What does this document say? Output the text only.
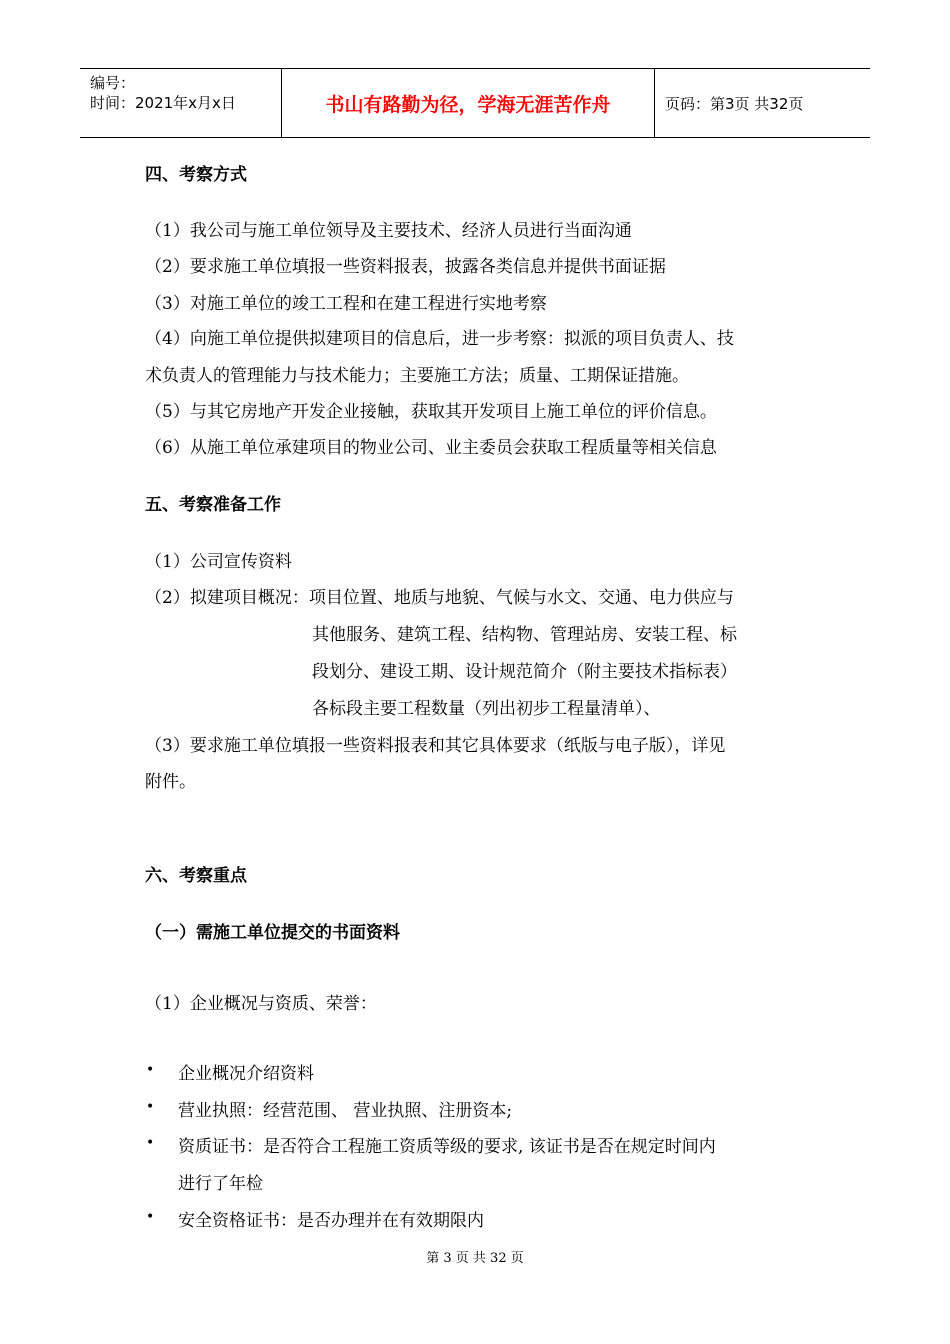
编号：
时间：2021年x月x日	书山有路勤为径，学海无涯苦作舟	页码：第3页 共32页
四、考察方式
（1）我公司与施工单位领导及主要技术、经济人员进行当面沟通
（2）要求施工单位填报一些资料报表，披露各类信息并提供书面证据
（3）对施工单位的竣工工程和在建工程进行实地考察
（4）向施工单位提供拟建项目的信息后，进一步考察：拟派的项目负责人、技
术负责人的管理能力与技术能力；主要施工方法；质量、工期保证措施。
（5）与其它房地产开发企业接触，获取其开发项目上施工单位的评价信息。
（6）从施工单位承建项目的物业公司、业主委员会获取工程质量等相关信息
五、考察准备工作
（1）公司宣传资料
（2）拟建项目概况：项目位置、地质与地貌、气候与水文、交通、电力供应与
其他服务、建筑工程、结构物、管理站房、安装工程、标
段划分、建设工期、设计规范简介（附主要技术指标表）
各标段主要工程数量（列出初步工程量清单）、
（3）要求施工单位填报一些资料报表和其它具体要求（纸版与电子版），详见
附件。
六、考察重点
（一）需施工单位提交的书面资料
（1）企业概况与资质、荣誉：
• 企业概况介绍资料
• 营业执照：经营范围、 营业执照、注册资本;
• 资质证书：是否符合工程施工资质等级的要求, 该证书是否在规定时间内
进行了年检
• 安全资格证书：是否办理并在有效期限内
第 3 页 共 32 页
